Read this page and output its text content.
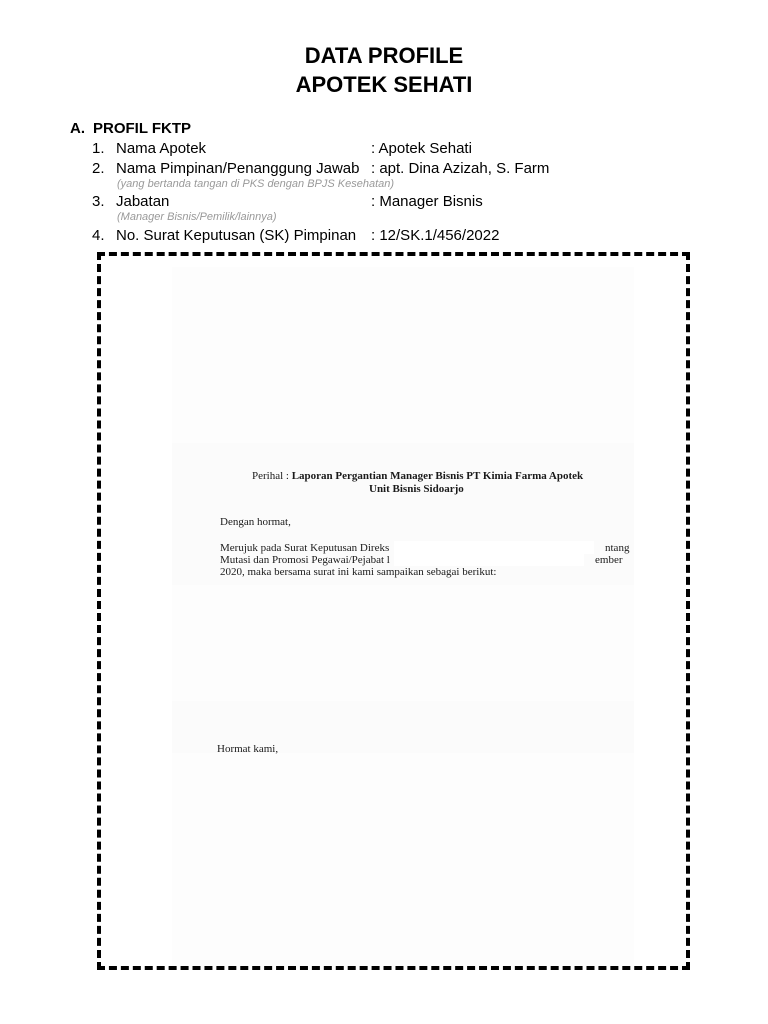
DATA PROFILE
APOTEK SEHATI
A. PROFIL FKTP
1. Nama Apotek	: Apotek Sehati
2. Nama Pimpinan/Penanggung Jawab : apt. Dina Azizah, S. Farm
(yang bertanda tangan di PKS dengan BPJS Kesehatan)
3. Jabatan	: Manager Bisnis
(Manager Bisnis/Pemilik/lainnya)
4. No. Surat Keputusan (SK) Pimpinan : 12/SK.1/456/2022
Perihal : Laporan Pergantian Manager Bisnis PT Kimia Farma Apotek
Unit Bisnis Sidoarjo
Dengan hormat,
Merujuk pada Surat Keputusan Direks
Mutasi dan Promosi Pegawai/Pejabat l
2020, maka bersama surat ini kami sampaikan sebagai berikut:
ntang
ember
Hormat kami,
